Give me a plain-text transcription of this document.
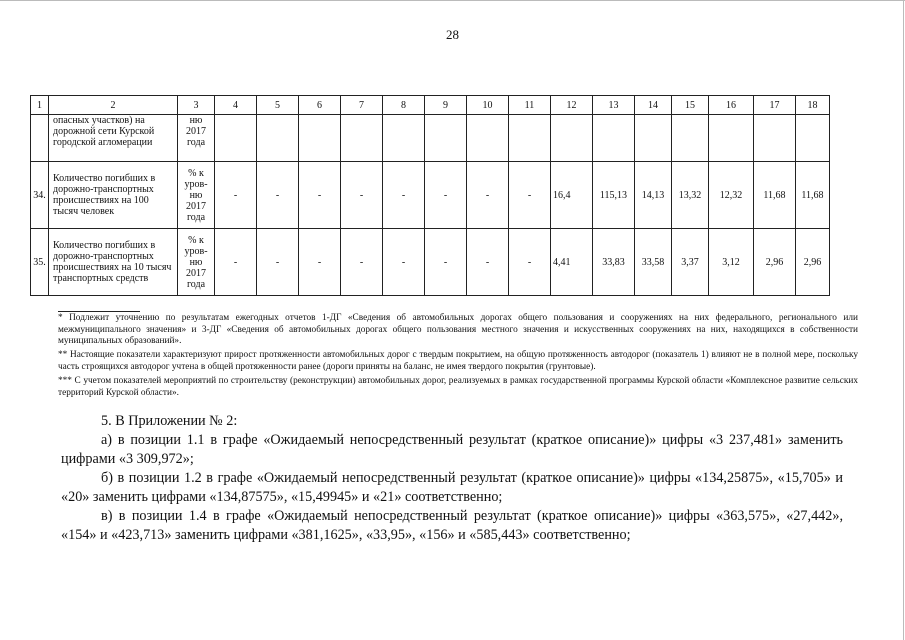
28
1	2	3	4	5	6	7	8	9	10	11	12	13	14	15	16	17	18
	опасных участков) на дорожной сети Курской городской агломерации	ню 2017 года															
34.	Количество погибших в дорожно-транспортных происшествиях на 100 тысяч человек	% к уров-ню 2017 года	-	-	-	-	-	-	-	-	16,4	115,13	14,13	13,32	12,32	11,68	11,68
35.	Количество погибших в дорожно-транспортных происшествиях на 10 тысяч транспортных средств	% к уров-ню 2017 года	-	-	-	-	-	-	-	-	4,41	33,83	33,58	3,37	3,12	2,96	2,96
* Подлежит уточнению по результатам ежегодных отчетов 1-ДГ «Сведения об автомобильных дорогах общего пользования и сооружениях на них федерального, регионального или межмуниципального значения» и 3-ДГ «Сведения об автомобильных дорогах общего пользования местного значения и искусственных сооружениях на них, находящихся в собственности муниципальных образований».
** Настоящие показатели характеризуют прирост протяженности автомобильных дорог с твердым покрытием, на общую протяженность автодорог (показатель 1) влияют не в полной мере, поскольку часть строящихся автодорог учтена в общей протяженности ранее (дороги приняты на баланс, не имея твердого покрытия (грунтовые).
*** С учетом показателей мероприятий по строительству (реконструкции) автомобильных дорог, реализуемых в рамках государственной программы Курской области «Комплексное развитие сельских территорий Курской области».
5. В Приложении № 2:
а) в позиции 1.1 в графе «Ожидаемый непосредственный результат (краткое описание)» цифры «3 237,481» заменить цифрами «3 309,972»;
б) в позиции 1.2 в графе «Ожидаемый непосредственный результат (краткое описание)» цифры «134,25875», «15,705» и «20» заменить цифрами «134,87575», «15,49945» и «21» соответственно;
в) в позиции 1.4 в графе «Ожидаемый непосредственный результат (краткое описание)» цифры «363,575», «27,442», «154» и «423,713» заменить цифрами «381,1625», «33,95», «156» и «585,443» соответственно;
